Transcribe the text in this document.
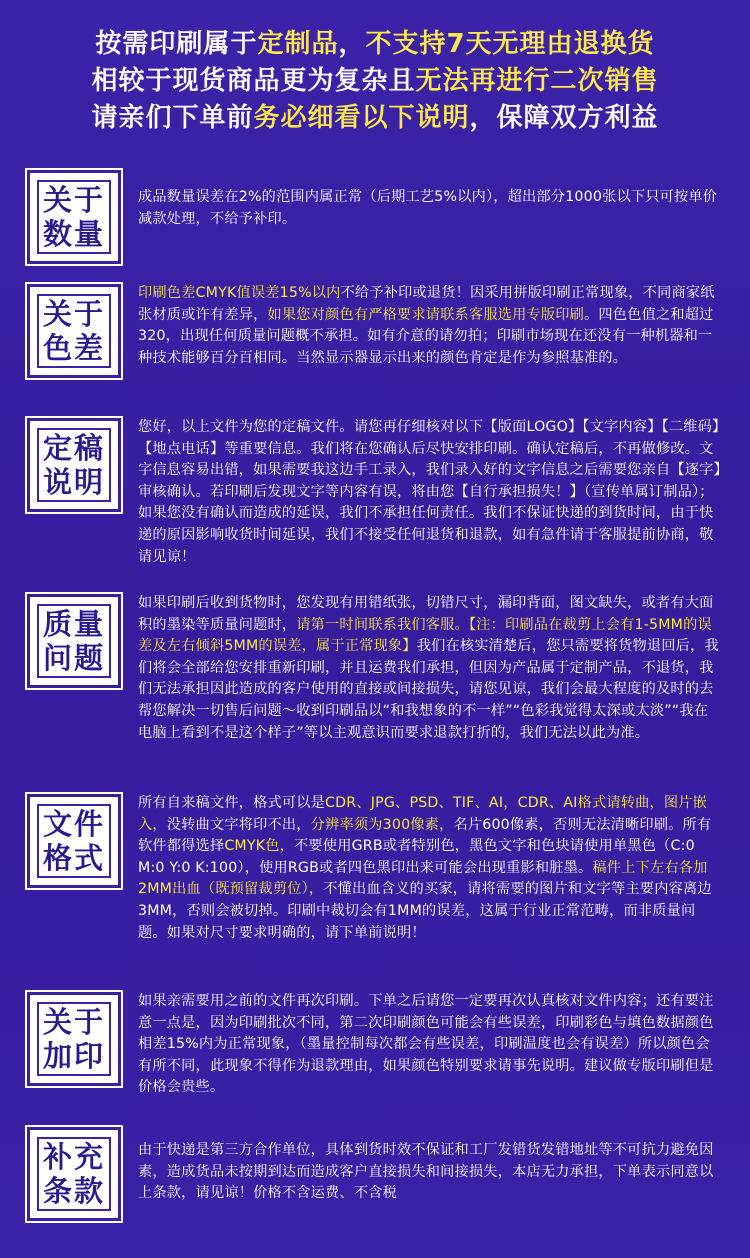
按需印刷属于定制品，不支持7天无理由退换货
相较于现货商品更为复杂且无法再进行二次销售
请亲们下单前务必细看以下说明，保障双方利益
关于
数量
成品数量误差在2%的范围内属正常（后期工艺5%以内），超出部分1000张以下只可按单价减款处理，不给予补印。
关于
色差
印刷色差CMYK值误差15%以内不给予补印或退货！因采用拼版印刷正常现象，不同商家纸张材质或许有差异，如果您对颜色有严格要求请联系客服选用专版印刷。四色色值之和超过320，出现任何质量问题概不承担。如有介意的请勿拍；印刷市场现在还没有一种机器和一种技术能够百分百相同。当然显示器显示出来的颜色肯定是作为参照基准的。
定稿
说明
您好，以上文件为您的定稿文件。请您再仔细核对以下【版面LOGO】【文字内容】【二维码】【地点电话】等重要信息。我们将在您确认后尽快安排印刷。确认定稿后，不再做修改。文字信息容易出错，如果需要我这边手工录入，我们录入好的文字信息之后需要您亲自【逐字】审核确认。若印刷后发现文字等内容有误，将由您【自行承担损失！】（宣传单属订制品）；如果您没有确认而造成的延误，我们不承担任何责任。我们不保证快递的到货时间，由于快递的原因影响收货时间延误，我们不接受任何退货和退款，如有急件请于客服提前协商，敬请见谅！
质量
问题
如果印刷后收到货物时，您发现有用错纸张，切错尺寸，漏印背面，图文缺失，或者有大面积的墨染等质量问题时，请第一时间联系我们客服。【注：印刷品在裁剪上会有1-5MM的误差及左右倾斜5MM的误差，属于正常现象】我们在核实清楚后，您只需要将货物退回后，我们将会全部给您安排重新印刷，并且运费我们承担，但因为产品属于定制产品，不退货，我们无法承担因此造成的客户使用的直接或间接损失，请您见谅，我们会最大程度的及时的去帮您解决一切售后问题～收到印刷品以“和我想象的不一样”“色彩我觉得太深或太淡”“我在电脑上看到不是这个样子”等以主观意识而要求退款打折的，我们无法以此为准。
文件
格式
所有自来稿文件，格式可以是CDR、JPG、PSD、TIF、AI，CDR、AI格式请转曲，图片嵌入，没转曲文字将印不出，分辨率须为300像素，名片600像素，否则无法清晰印刷。所有软件都得选择CMYK色，不要使用GRB或者特别色，黑色文字和色块请使用单黑色（C:0 M:0 Y:0 K:100），使用RGB或者四色黑印出来可能会出现重影和脏墨。稿件上下左右各加2MM出血（既预留裁剪位），不懂出血含义的买家，请将需要的图片和文字等主要内容离边3MM，否则会被切掉。印刷中裁切会有1MM的误差，这属于行业正常范畴，而非质量问题。如果对尺寸要求明确的，请下单前说明！
关于
加印
如果亲需要用之前的文件再次印刷。下单之后请您一定要再次认真核对文件内容；还有要注意一点是，因为印刷批次不同，第二次印刷颜色可能会有些误差，印刷彩色与填色数据颜色相差15%内为正常现象，（墨量控制每次都会有些误差，印刷温度也会有误差）所以颜色会有所不同，此现象不得作为退款理由，如果颜色特别要求请事先说明。建议做专版印刷但是价格会贵些。
补充
条款
由于快递是第三方合作单位，具体到货时效不保证和工厂发错货发错地址等不可抗力避免因素，造成货品未按期到达而造成客户直接损失和间接损失，本店无力承担，下单表示同意以上条款，请见谅！价格不含运费、不含税
